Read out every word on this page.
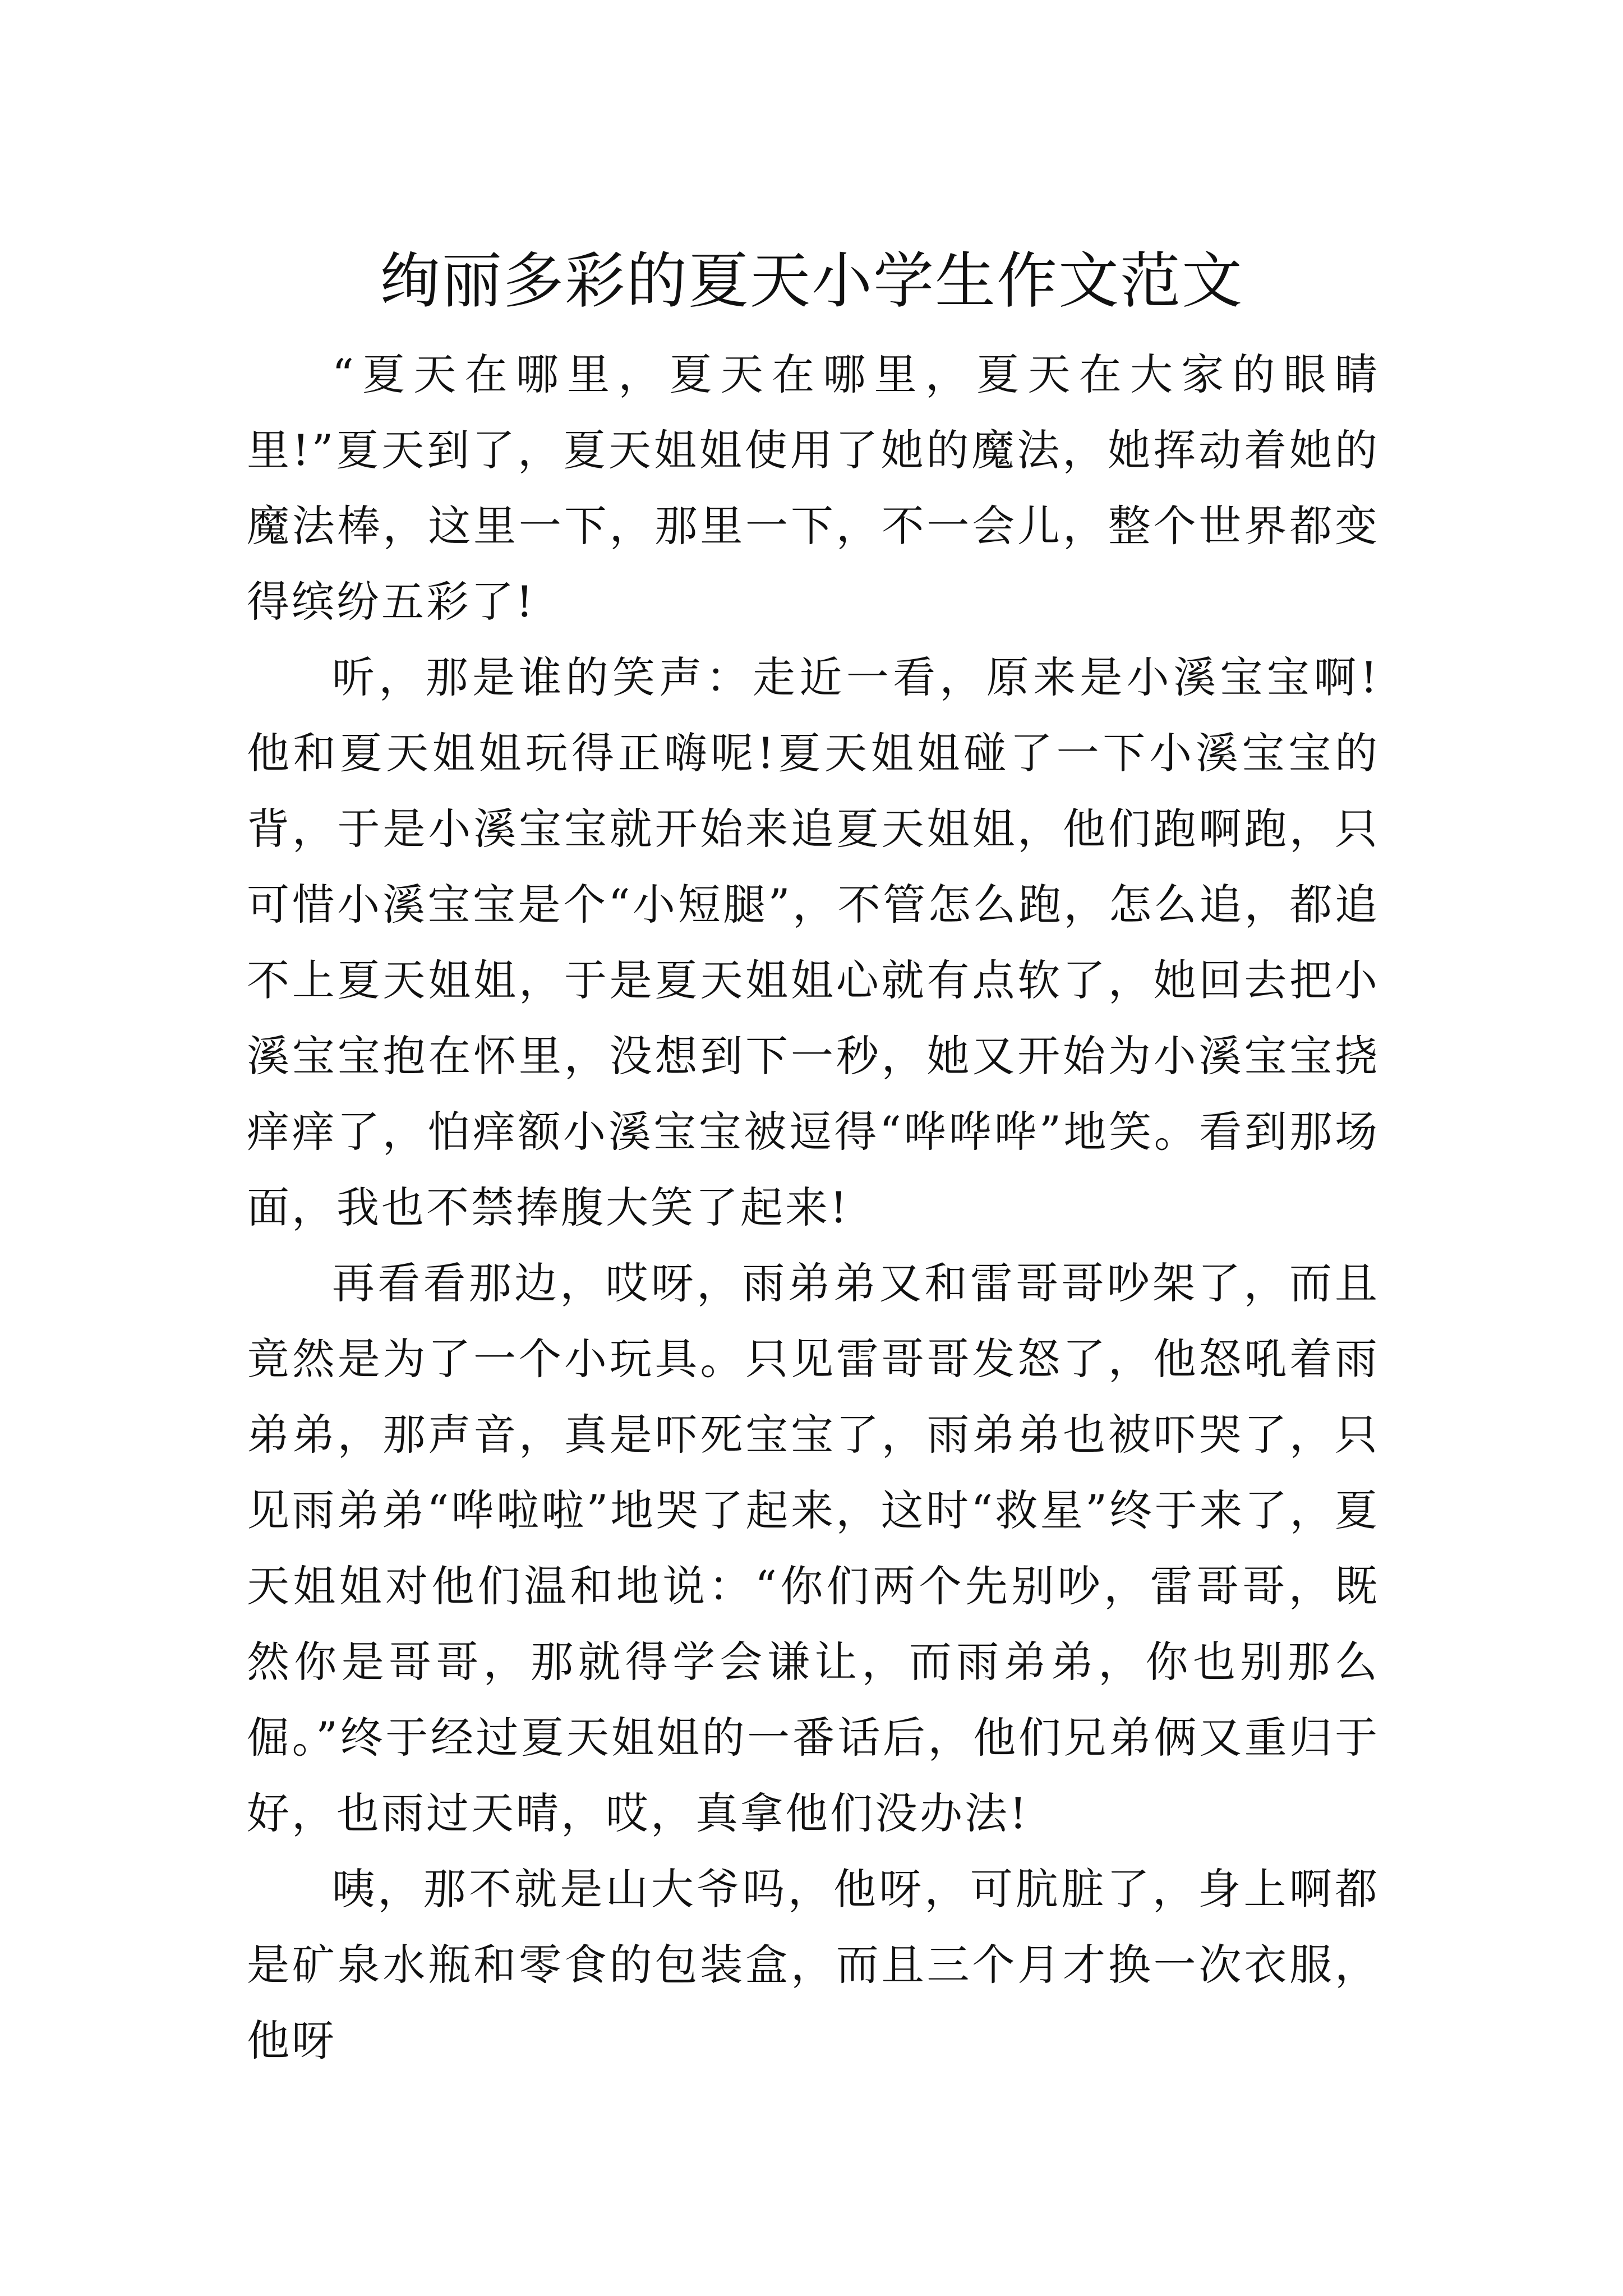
绚丽多彩的夏天小学生作文范文

“夏天在哪里，夏天在哪里，夏天在大家的眼睛里!”夏天到了，夏天姐姐使用了她的魔法，她挥动着她的魔法棒，这里一下，那里一下，不一会儿，整个世界都变得缤纷五彩了!

听，那是谁的笑声：走近一看，原来是小溪宝宝啊!他和夏天姐姐玩得正嗨呢!夏天姐姐碰了一下小溪宝宝的背，于是小溪宝宝就开始来追夏天姐姐，他们跑啊跑，只可惜小溪宝宝是个“小短腿”，不管怎么跑，怎么追，都追不上夏天姐姐，于是夏天姐姐心就有点软了，她回去把小溪宝宝抱在怀里，没想到下一秒，她又开始为小溪宝宝挠痒痒了，怕痒额小溪宝宝被逗得“哗哗哗”地笑。看到那场面，我也不禁捧腹大笑了起来!

再看看那边，哎呀，雨弟弟又和雷哥哥吵架了，而且竟然是为了一个小玩具。只见雷哥哥发怒了，他怒吼着雨弟弟，那声音，真是吓死宝宝了，雨弟弟也被吓哭了，只见雨弟弟“哗啦啦”地哭了起来，这时“救星”终于来了，夏天姐姐对他们温和地说：“你们两个先别吵，雷哥哥，既然你是哥哥，那就得学会谦让，而雨弟弟，你也别那么倔。”终于经过夏天姐姐的一番话后，他们兄弟俩又重归于好，也雨过天晴，哎，真拿他们没办法!

咦，那不就是山大爷吗，他呀，可肮脏了，身上啊都是矿泉水瓶和零食的包装盒，而且三个月才换一次衣服，他呀
